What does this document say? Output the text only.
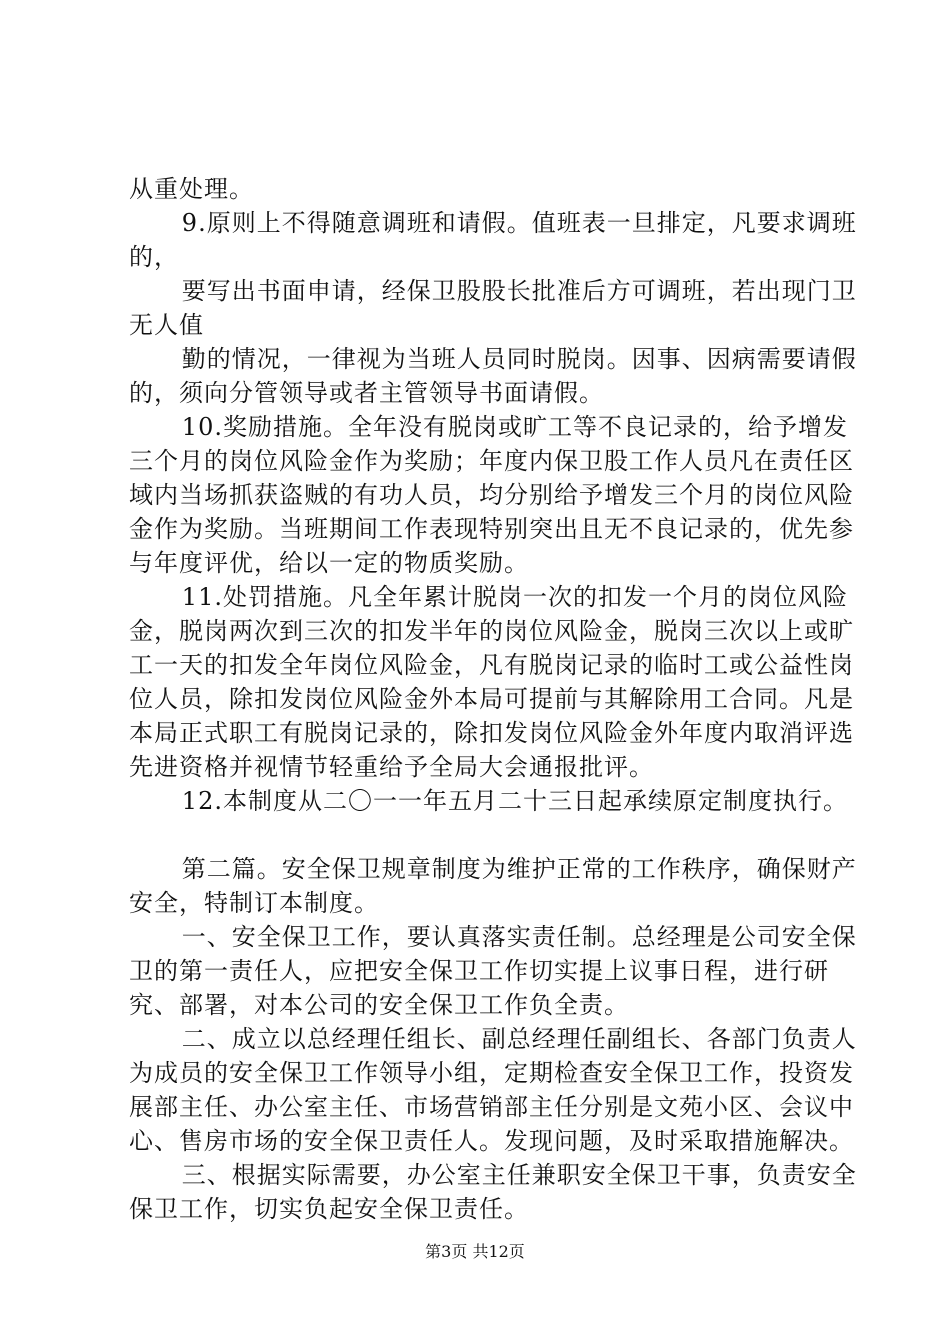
从重处理。

9.原则上不得随意调班和请假。值班表一旦排定，凡要求调班的，

要写出书面申请，经保卫股股长批准后方可调班，若出现门卫无人值

勤的情况，一律视为当班人员同时脱岗。因事、因病需要请假的，须向分管领导或者主管领导书面请假。

10.奖励措施。全年没有脱岗或旷工等不良记录的，给予增发三个月的岗位风险金作为奖励；年度内保卫股工作人员凡在责任区域内当场抓获盗贼的有功人员，均分别给予增发三个月的岗位风险金作为奖励。当班期间工作表现特别突出且无不良记录的，优先参与年度评优，给以一定的物质奖励。

11.处罚措施。凡全年累计脱岗一次的扣发一个月的岗位风险金，脱岗两次到三次的扣发半年的岗位风险金，脱岗三次以上或旷工一天的扣发全年岗位风险金，凡有脱岗记录的临时工或公益性岗位人员，除扣发岗位风险金外本局可提前与其解除用工合同。凡是本局正式职工有脱岗记录的，除扣发岗位风险金外年度内取消评选先进资格并视情节轻重给予全局大会通报批评。

12.本制度从二〇一一年五月二十三日起承续原定制度执行。

第二篇。安全保卫规章制度为维护正常的工作秩序，确保财产安全，特制订本制度。

一、安全保卫工作，要认真落实责任制。总经理是公司安全保卫的第一责任人，应把安全保卫工作切实提上议事日程，进行研究、部署，对本公司的安全保卫工作负全责。

二、成立以总经理任组长、副总经理任副组长、各部门负责人为成员的安全保卫工作领导小组，定期检查安全保卫工作，投资发展部主任、办公室主任、市场营销部主任分别是文苑小区、会议中心、售房市场的安全保卫责任人。发现问题，及时采取措施解决。

三、根据实际需要，办公室主任兼职安全保卫干事，负责安全保卫工作，切实负起安全保卫责任。

第3页 共12页
